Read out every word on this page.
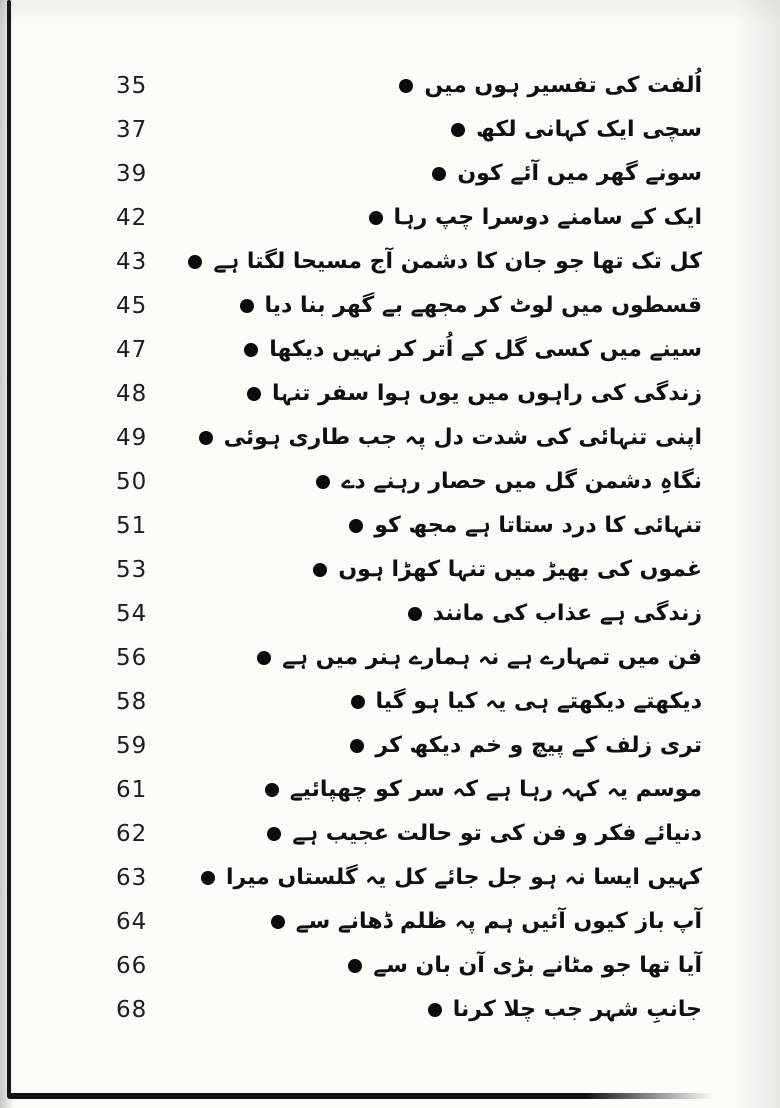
35	اُلفت کی تفسیر ہوں میں
37	سچی ایک کہانی لکھ
39	سونے گھر میں آئے کون
42	ایک کے سامنے دوسرا چپ رہا
43	کل تک تھا جو جان کا دشمن آج مسیحا لگتا ہے
45	قسطوں میں لوٹ کر مجھے بے گھر بنا دیا
47	سینے میں کسی گل کے اُتر کر نہیں دیکھا
48	زندگی کی راہوں میں یوں ہوا سفر تنہا
49	اپنی تنہائی کی شدت دل پہ جب طاری ہوئی
50	نگاہِ دشمن گل میں حصار رہنے دے
51	تنہائی کا درد ستاتا ہے مجھ کو
53	غموں کی بھیڑ میں تنہا کھڑا ہوں
54	زندگی ہے عذاب کی مانند
56	فن میں تمہارے ہے نہ ہمارے ہنر میں ہے
58	دیکھتے دیکھتے ہی یہ کیا ہو گیا
59	تری زلف کے پیچ و خم دیکھ کر
61	موسم یہ کہہ رہا ہے کہ سر کو چھپائیے
62	دنیائے فکر و فن کی تو حالت عجیب ہے
63	کہیں ایسا نہ ہو جل جائے کل یہ گلستاں میرا
64	آپ باز کیوں آئیں ہم پہ ظلم ڈھانے سے
66	آیا تھا جو مٹانے بڑی آن بان سے
68	جانبِ شہر جب چلا کرنا
